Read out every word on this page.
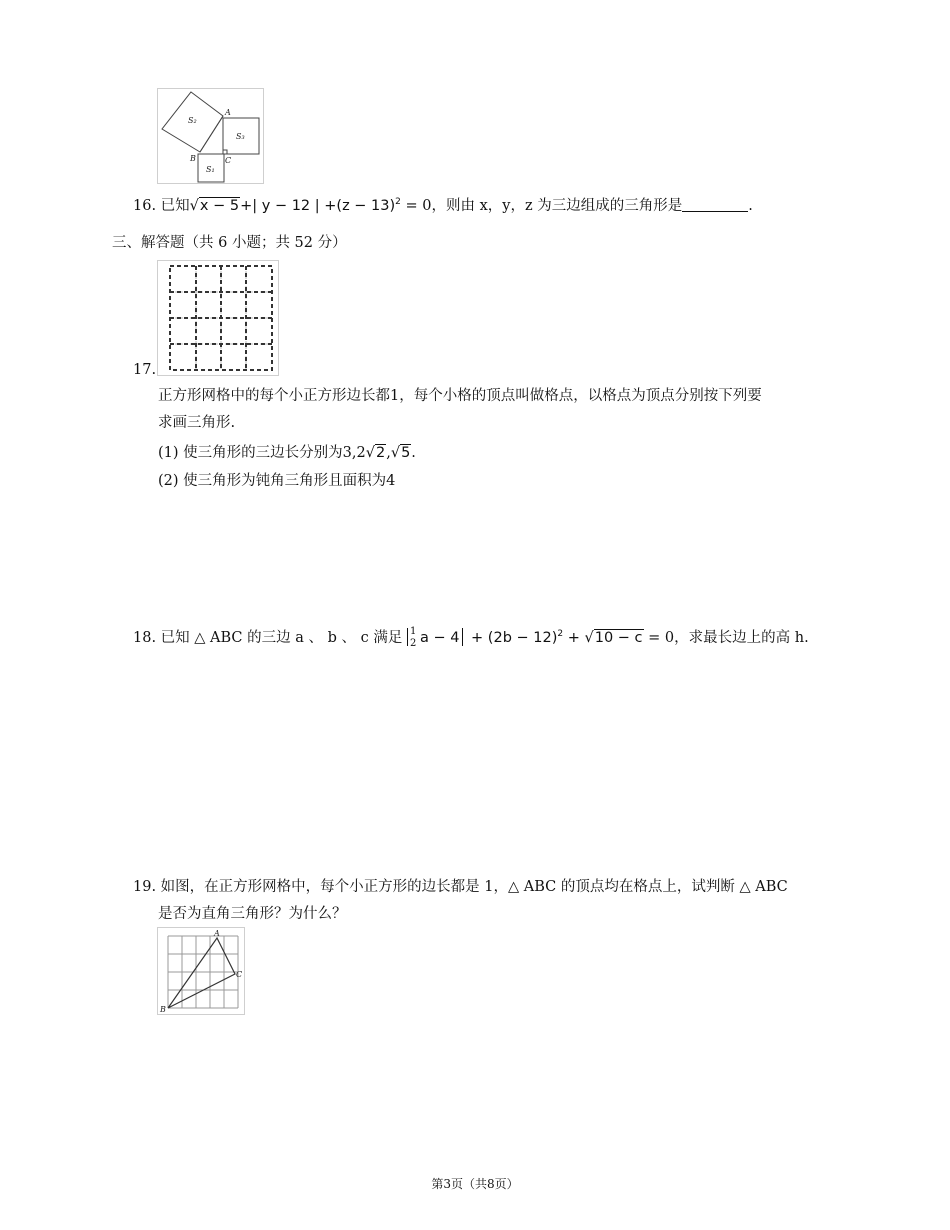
A
B	C
S₂
S₃
S₁
16. 已知√x − 5+| y − 12 | $+(z - 13)^2 = 0$，则由 x，y，z 为三边组成的三角形是	.
三、解答题（共 6 小题；共 52 分）
17.
正方形网格中的每个小正方形边长都1，每个小格的顶点叫做格点，以格点为顶点分别按下列要
求画三角形.
(1) 使三角形的三边长分别为3,2√2,√5.
(2) 使三角形为钝角三角形且面积为4
18. 已知 △ ABC 的三边 a 、 b 、 c 满足 1
2 $a - 4 + (2b - 12)^2 + √10 - c = 0$，求最长边上的高 h.
19. 如图，在正方形网格中，每个小正方形的边长都是 1，△ ABC 的顶点均在格点上，试判断 △ ABC
是否为直角三角形？为什么？
A
B
C
第3页（共8页）
